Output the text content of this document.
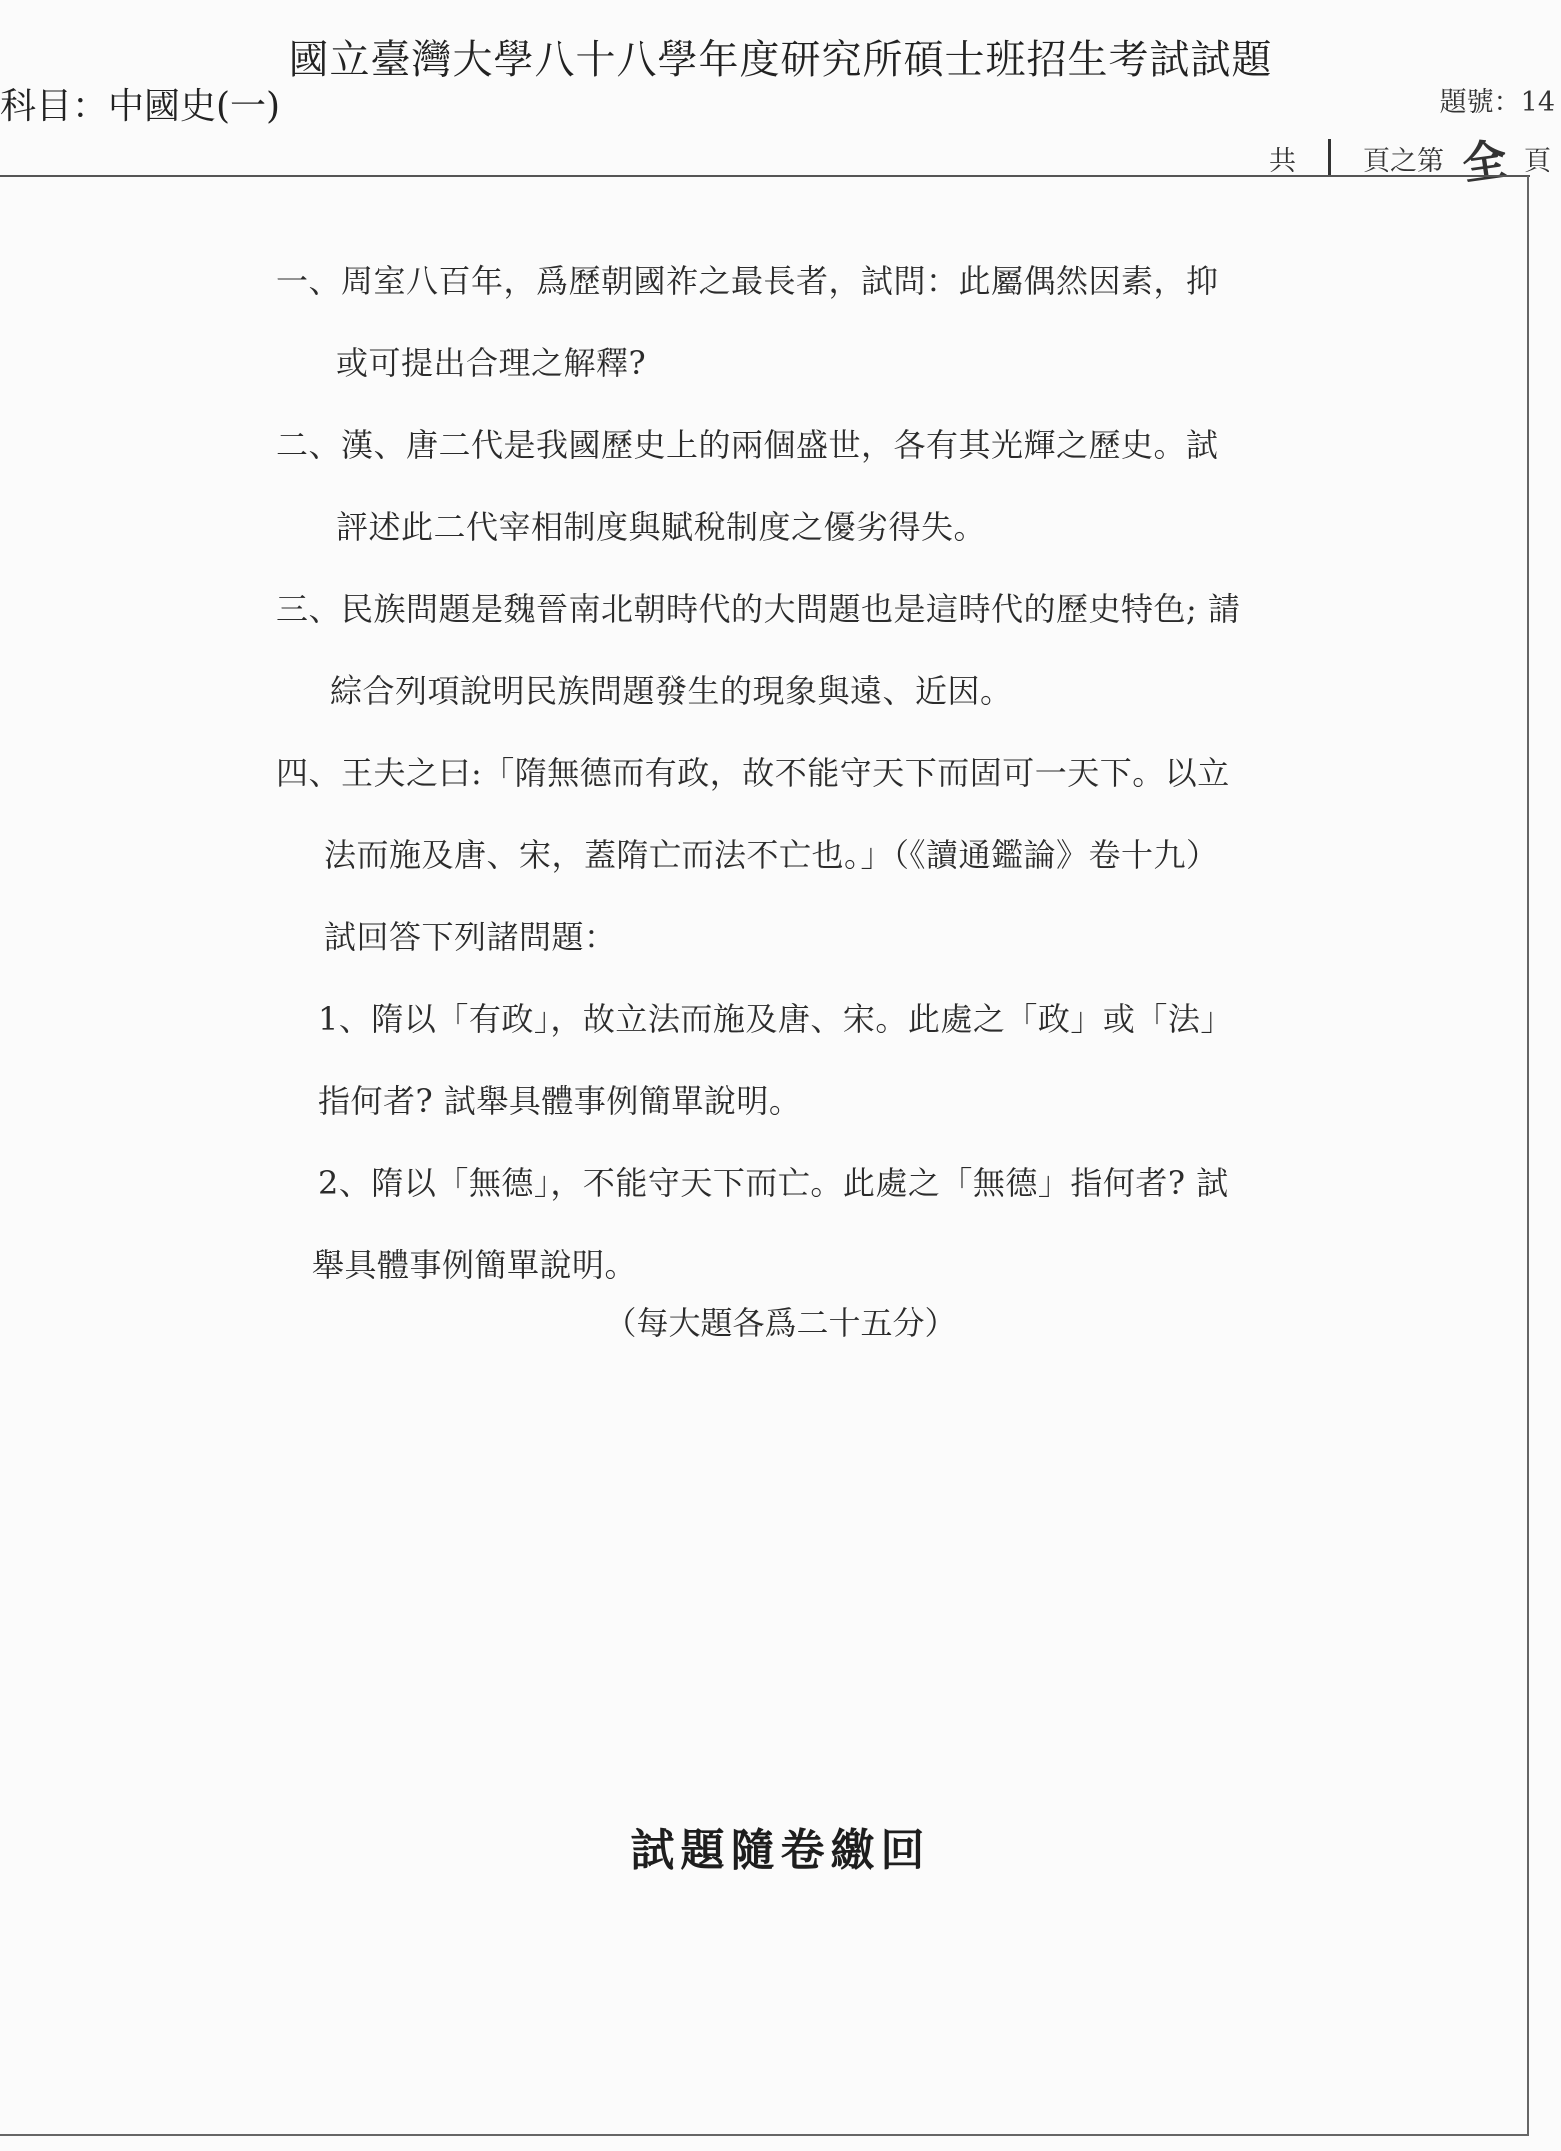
國立臺灣大學八十八學年度研究所碩士班招生考試試題
科目：中國史(一)	題號：14
共 頁之第 全 頁
一、周室八百年，爲歷朝國祚之最長者，試問：此屬偶然因素，抑
或可提出合理之解釋?
二、漢、唐二代是我國歷史上的兩個盛世，各有其光輝之歷史。試
評述此二代宰相制度與賦稅制度之優劣得失。
三、民族問題是魏晉南北朝時代的大問題也是這時代的歷史特色; 請
綜合列項說明民族問題發生的現象與遠、近因。
四、王夫之曰:「隋無德而有政，故不能守天下而固可一天下。以立
法而施及唐、宋，蓋隋亡而法不亡也。」（《讀通鑑論》卷十九）
試回答下列諸問題：
1、隋以「有政」，故立法而施及唐、宋。此處之「政」或「法」
指何者? 試舉具體事例簡單說明。
2、隋以「無德」，不能守天下而亡。此處之「無德」指何者? 試
舉具體事例簡單說明。
（每大題各爲二十五分）
試題隨卷繳回
